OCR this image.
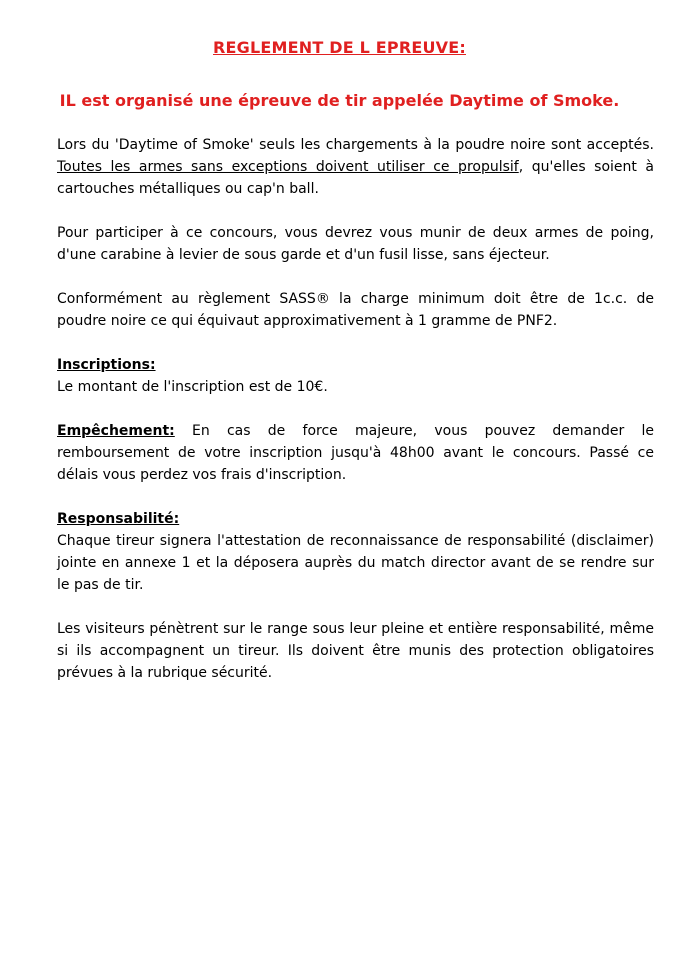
REGLEMENT DE L EPREUVE:
IL est organisé une épreuve de tir appelée Daytime of Smoke.

Lors du 'Daytime of Smoke' seuls les chargements à la poudre noire sont acceptés. Toutes les armes sans exceptions doivent utiliser ce propulsif, qu'elles soient à cartouches métalliques ou cap'n ball.

Pour participer à ce concours, vous devrez vous munir de deux armes de poing, d'une carabine à levier de sous garde et d'un fusil lisse, sans éjecteur.

Conformément au règlement SASS® la charge minimum doit être de 1c.c. de poudre noire ce qui équivaut approximativement à 1 gramme de PNF2.

Inscriptions:
Le montant de l'inscription est de 10€.

Empêchement: En cas de force majeure, vous pouvez demander le remboursement de votre inscription jusqu'à 48h00 avant le concours. Passé ce délais vous perdez vos frais d'inscription.

Responsabilité:
Chaque tireur signera l'attestation de reconnaissance de responsabilité (disclaimer) jointe en annexe 1 et la déposera auprès du match director avant de se rendre sur le pas de tir.

Les visiteurs pénètrent sur le range sous leur pleine et entière responsabilité, même si ils accompagnent un tireur. Ils doivent être munis des protection obligatoires prévues à la rubrique sécurité.
